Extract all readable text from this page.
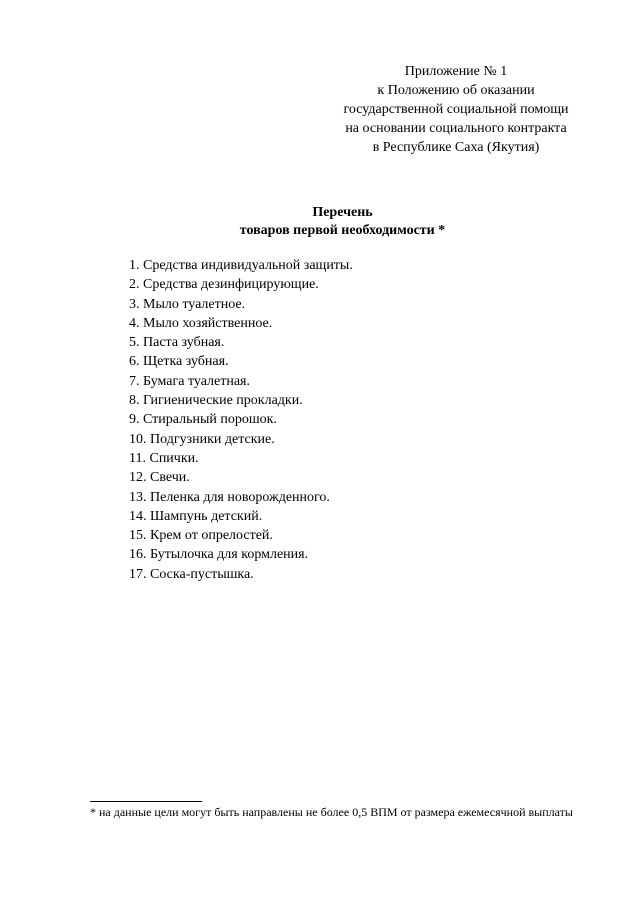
Приложение № 1
к Положению об оказании
государственной социальной помощи
на основании социального контракта
в Республике Саха (Якутия)
Перечень
товаров первой необходимости *
1. Средства индивидуальной защиты.
2. Средства дезинфицирующие.
3. Мыло туалетное.
4. Мыло хозяйственное.
5. Паста зубная.
6. Щетка зубная.
7. Бумага туалетная.
8. Гигиенические прокладки.
9. Стиральный порошок.
10. Подгузники детские.
11. Спички.
12. Свечи.
13. Пеленка для новорожденного.
14. Шампунь детский.
15. Крем от опрелостей.
16. Бутылочка для кормления.
17. Соска-пустышка.
* на данные цели могут быть направлены не более 0,5 ВПМ от размера ежемесячной выплаты
